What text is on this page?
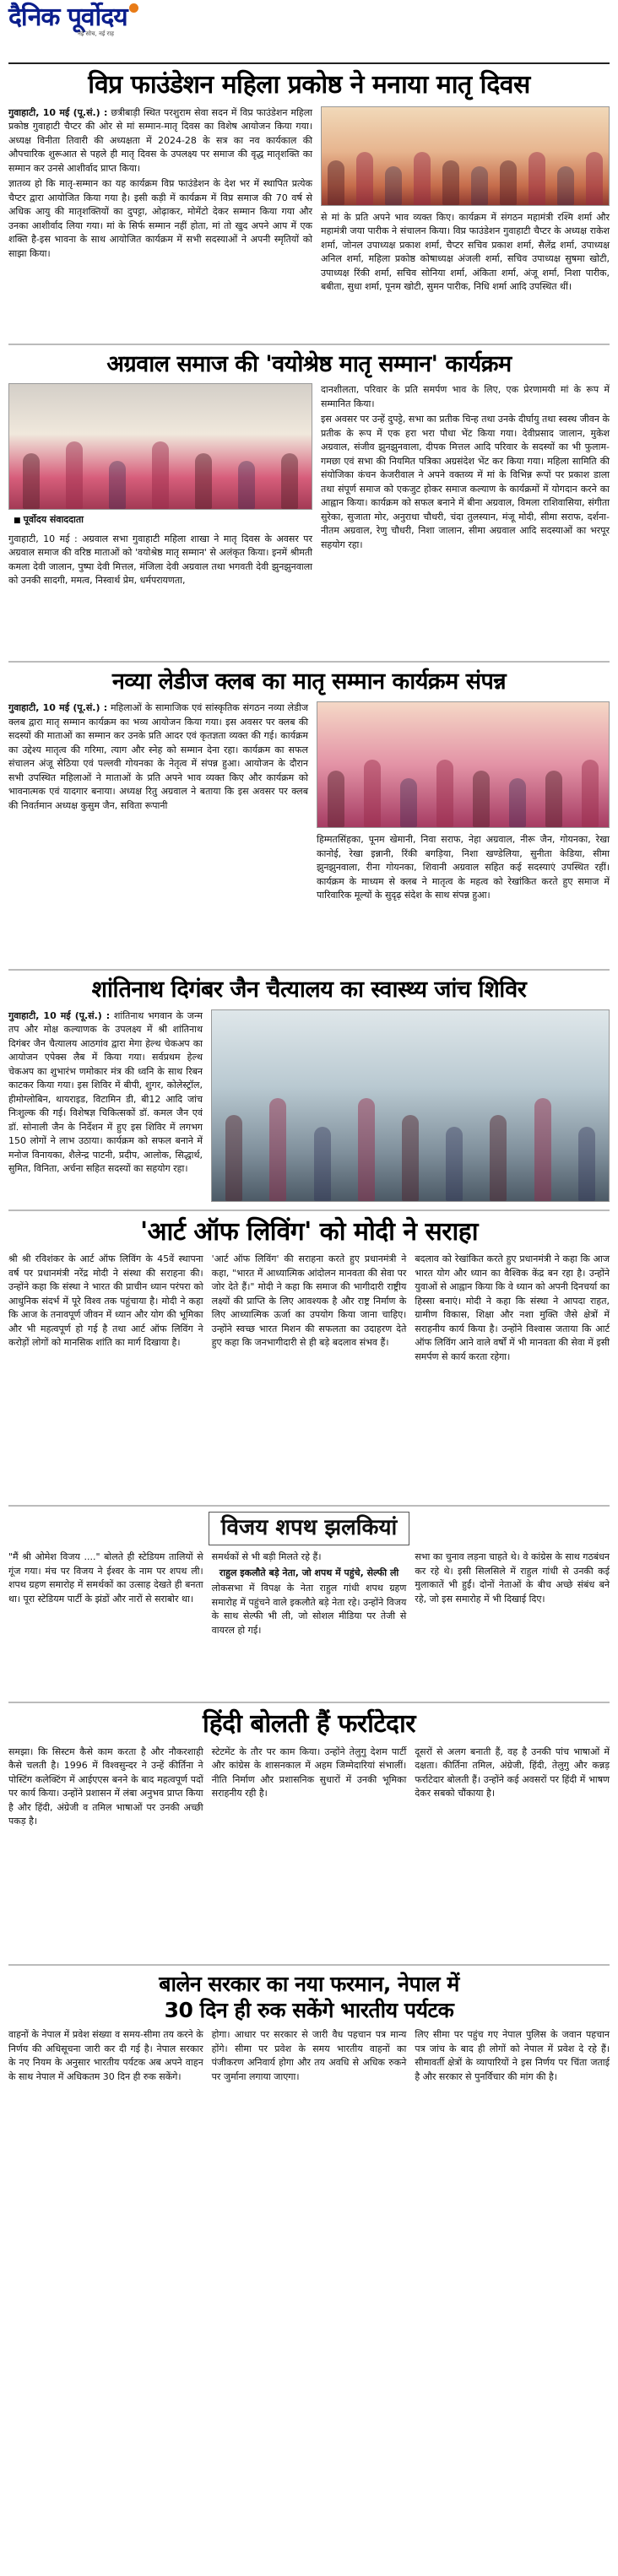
दैनिक पूर्वोदय
नई सोच, नई राह
विप्र फाउंडेशन महिला प्रकोष्ठ ने मनाया मातृ दिवस

गुवाहाटी, 10 मई (पू.सं.) : छत्रीबाड़ी स्थित परशुराम सेवा सदन में विप्र फाउंडेशन महिला प्रकोष्ठ गुवाहाटी चैप्टर की ओर से मां सम्मान-मातृ दिवस का विशेष आयोजन किया गया। अध्यक्ष विनीता तिवारी की अध्यक्षता में 2024-28 के सत्र का नव कार्यकाल की औपचारिक शुरूआत से पहले ही मातृ दिवस के उपलक्ष्य पर समाज की वृद्ध मातृशक्ति का सम्मान कर उनसे आशीर्वाद प्राप्त किया।

ज्ञातव्य हो कि मातृ-सम्मान का यह कार्यक्रम विप्र फाउंडेशन के देश भर में स्थापित प्रत्येक चैप्टर द्वारा आयोजित किया गया है। इसी कड़ी में कार्यक्रम में विप्र समाज की 70 वर्ष से अधिक आयु की मातृशक्तियों का दुपट्टा, ओढ़ाकर, मोमेंटो देकर सम्मान किया गया और उनका आशीर्वाद लिया गया। मां के सिर्फ सम्मान नहीं होता, मां तो खुद अपने आप में एक शक्ति है-इस भावना के साथ आयोजित कार्यक्रम में सभी सदस्याओं ने अपनी स्मृतियों को साझा किया।

से मां के प्रति अपने भाव व्यक्त किए। कार्यक्रम में संगठन महामंत्री रश्मि शर्मा और महामंत्री जया पारीक ने संचालन किया। विप्र फाउंडेशन गुवाहाटी चैप्टर के अध्यक्ष राकेश शर्मा, जोनल उपाध्यक्ष प्रकाश शर्मा, चैप्टर सचिव प्रकाश शर्मा, सैलेंद्र शर्मा, उपाध्यक्ष अनिल शर्मा, महिला प्रकोष्ठ कोषाध्यक्ष अंजली शर्मा, सचिव उपाध्यक्ष सुषमा खोटी, उपाध्यक्ष रिंकी शर्मा, सचिव सोनिया शर्मा, अंकिता शर्मा, अंजू शर्मा, निशा पारीक, बबीता, सुधा शर्मा, पूनम खोटी, सुमन पारीक, निधि शर्मा आदि उपस्थित थीं।
अग्रवाल समाज की 'वयोश्रेष्ठ मातृ सम्मान' कार्यक्रम
■ पूर्वोदय संवाददाता
गुवाहाटी, 10 मई : अग्रवाल सभा गुवाहाटी महिला शाखा ने मातृ दिवस के अवसर पर अग्रवाल समाज की वरिष्ठ माताओं को 'वयोश्रेष्ठ मातृ सम्मान' से अलंकृत किया। इनमें श्रीमती कमला देवी जालान, पुष्पा देवी मित्तल, मंजिला देवी अग्रवाल तथा भगवती देवी झुनझुनवाला को उनकी सादगी, ममत्व, निस्वार्थ प्रेम, धर्मपरायणता,

दानशीलता, परिवार के प्रति समर्पण भाव के लिए, एक प्रेरणामयी मां के रूप में सम्मानित किया।

इस अवसर पर उन्हें दुपट्टे, सभा का प्रतीक चिन्ह तथा उनके दीर्घायु तथा स्वस्थ जीवन के प्रतीक के रूप में एक हरा भरा पौधा भेंट किया गया। देवीप्रसाद जालान, मुकेश अग्रवाल, संजीव झुनझुनवाला, दीपक मित्तल आदि परिवार के सदस्यों का भी फुलाम-गमछा एवं सभा की नियमित पत्रिका अग्रसंदेश भेंट कर किया गया। महिला सामिति की संयोजिका कंचन केजरीवाल ने अपने वक्तव्य में मां के विभिन्न रूपों पर प्रकाश डाला तथा संपूर्ण समाज को एकजुट होकर समाज कल्याण के कार्यक्रमों में योगदान करने का आह्वान किया। कार्यक्रम को सफल बनाने में बीना अग्रवाल, विमला राशिवासिया, संगीता सुरेका, सुजाता मोर, अनुराधा चौधरी, चंदा तुलस्यान, मंजू मोदी, सीमा सराफ, दर्शना-नीतम अग्रवाल, रेणु चौधरी, निशा जालान, सीमा अग्रवाल आदि सदस्याओं का भरपूर सहयोग रहा।

नव्या लेडीज क्लब का मातृ सम्मान कार्यक्रम संपन्न

गुवाहाटी, 10 मई (पू.सं.) : महिलाओं के सामाजिक एवं सांस्कृतिक संगठन नव्या लेडीज क्लब द्वारा मातृ सम्मान कार्यक्रम का भव्य आयोजन किया गया। इस अवसर पर क्लब की सदस्यों की माताओं का सम्मान कर उनके प्रति आदर एवं कृतज्ञता व्यक्त की गई। कार्यक्रम का उद्देश्य मातृत्व की गरिमा, त्याग और स्नेह को सम्मान देना रहा। कार्यक्रम का सफल संचालन अंजू सेठिया एवं पल्लवी गोयनका के नेतृत्व में संपन्न हुआ। आयोजन के दौरान सभी उपस्थित महिलाओं ने माताओं के प्रति अपने भाव व्यक्त किए और कार्यक्रम को भावनात्मक एवं यादगार बनाया। अध्यक्ष रितु अग्रवाल ने बताया कि इस अवसर पर क्लब की निवर्तमान अध्यक्ष कुसुम जैन, सविता रूपानी

हिम्मतसिंहका, पूनम खेमानी, निवा सराफ, नेहा अग्रवाल, नीरू जैन, गोयनका, रेखा कानोई, रेखा इन्नानी, रिंकी बगड़िया, निशा खण्डेलिया, सुनीता केडिया, सीमा झुनझुनवाला, रीना गोयनका, शिवानी अग्रवाल सहित कई सदस्याएं उपस्थित रहीं। कार्यक्रम के माध्यम से क्लब ने मातृत्व के महत्व को रेखांकित करते हुए समाज में पारिवारिक मूल्यों के सुदृढ़ संदेश के साथ संपन्न हुआ।
शांतिनाथ दिगंबर जैन चैत्यालय का स्वास्थ्य जांच शिविर

गुवाहाटी, 10 मई (पू.सं.) : शांतिनाथ भगवान के जन्म तप और मोक्ष कल्याणक के उपलक्ष्य में श्री शांतिनाथ दिगंबर जैन चैत्यालय आठगांव द्वारा मेगा हेल्थ चेकअप का आयोजन एपेक्स लैब में किया गया। सर्वप्रथम हेल्थ चेकअप का शुभारंभ णमोकार मंत्र की ध्वनि के साथ रिबन काटकर किया गया। इस शिविर में बीपी, शुगर, कोलेस्ट्रॉल, हीमोग्लोबिन, थायराइड, विटामिन डी, बी12 आदि जांच निःशुल्क की गई। विशेषज्ञ चिकित्सकों डॉ. कमल जैन एवं डॉ. सोनाली जैन के निर्देशन में हुए इस शिविर में लगभग 150 लोगों ने लाभ उठाया। कार्यक्रम को सफल बनाने में मनोज विनायका, शैलेन्द्र पाटनी, प्रदीप, आलोक, सिद्धार्थ, सुमित, विनिता, अर्चना सहित सदस्यों का सहयोग रहा।

'आर्ट ऑफ लिविंग' को मोदी ने सराहा
श्री श्री रविशंकर के आर्ट ऑफ लिविंग के 45वें स्थापना वर्ष पर प्रधानमंत्री नरेंद्र मोदी ने संस्था की सराहना की। उन्होंने कहा कि संस्था ने भारत की प्राचीन ध्यान परंपरा को आधुनिक संदर्भ में पूरे विश्व तक पहुंचाया है। मोदी ने कहा कि आज के तनावपूर्ण जीवन में ध्यान और योग की भूमिका और भी महत्वपूर्ण हो गई है तथा आर्ट ऑफ लिविंग ने करोड़ों लोगों को मानसिक शांति का मार्ग दिखाया है।
'आर्ट ऑफ लिविंग' की सराहना करते हुए प्रधानमंत्री ने कहा, "भारत में आध्यात्मिक आंदोलन मानवता की सेवा पर जोर देते हैं।" मोदी ने कहा कि समाज की भागीदारी राष्ट्रीय लक्ष्यों की प्राप्ति के लिए आवश्यक है और राष्ट्र निर्माण के लिए आध्यात्मिक ऊर्जा का उपयोग किया जाना चाहिए। उन्होंने स्वच्छ भारत मिशन की सफलता का उदाहरण देते हुए कहा कि जनभागीदारी से ही बड़े बदलाव संभव हैं।
बदलाव को रेखांकित करते हुए प्रधानमंत्री ने कहा कि आज भारत योग और ध्यान का वैश्विक केंद्र बन रहा है। उन्होंने युवाओं से आह्वान किया कि वे ध्यान को अपनी दिनचर्या का हिस्सा बनाएं। मोदी ने कहा कि संस्था ने आपदा राहत, ग्रामीण विकास, शिक्षा और नशा मुक्ति जैसे क्षेत्रों में सराहनीय कार्य किया है। उन्होंने विश्वास जताया कि आर्ट ऑफ लिविंग आने वाले वर्षों में भी मानवता की सेवा में इसी समर्पण से कार्य करता रहेगा।
विजय शपथ झलकियां
"मैं श्री ओमेश विजय ...." बोलते ही स्टेडियम तालियों से गूंज गया। मंच पर विजय ने ईश्वर के नाम पर शपथ ली। शपथ ग्रहण समारोह में समर्थकों का उत्साह देखते ही बनता था। पूरा स्टेडियम पार्टी के झंडों और नारों से सराबोर था।

समर्थकों से भी बड़ी मिलते रहे हैं।

राहुल इकलौते बड़े नेता, जो शपथ में पहुंचे, सेल्फी ली

लोकसभा में विपक्ष के नेता राहुल गांधी शपथ ग्रहण समारोह में पहुंचने वाले इकलौते बड़े नेता रहे। उन्होंने विजय के साथ सेल्फी भी ली, जो सोशल मीडिया पर तेजी से वायरल हो गई।

सभा का चुनाव लड़ना चाहते थे। वे कांग्रेस के साथ गठबंधन कर रहे थे। इसी सिलसिले में राहुल गांधी से उनकी कई मुलाकातें भी हुईं। दोनों नेताओं के बीच अच्छे संबंध बने रहे, जो इस समारोह में भी दिखाई दिए।
हिंदी बोलती हैं फर्राटेदार
समझा। कि सिस्टम कैसे काम करता है और नौकरशाही कैसे चलती है। 1996 में विश्वसुन्दर ने उन्हें कीर्तिना ने पोस्टिंग कलेक्टिंग में आईएएस बनने के बाद महत्वपूर्ण पदों पर कार्य किया। उन्होंने प्रशासन में लंबा अनुभव प्राप्त किया है और हिंदी, अंग्रेजी व तमिल भाषाओं पर उनकी अच्छी पकड़ है।
स्टेटमेंट के तौर पर काम किया। उन्होंने तेलुगु देशम पार्टी और कांग्रेस के शासनकाल में अहम जिम्मेदारियां संभालीं। नीति निर्माण और प्रशासनिक सुधारों में उनकी भूमिका सराहनीय रही है।
दूसरों से अलग बनाती हैं, वह है उनकी पांच भाषाओं में दक्षता। कीर्तिना तमिल, अंग्रेजी, हिंदी, तेलुगु और कन्नड़ फर्राटेदार बोलती हैं। उन्होंने कई अवसरों पर हिंदी में भाषण देकर सबको चौंकाया है।
बालेन सरकार का नया फरमान, नेपाल में
30 दिन ही रुक सकेंगे भारतीय पर्यटक
वाहनों के नेपाल में प्रवेश संख्या व समय-सीमा तय करने के निर्णय की अधिसूचना जारी कर दी गई है। नेपाल सरकार के नए नियम के अनुसार भारतीय पर्यटक अब अपने वाहन के साथ नेपाल में अधिकतम 30 दिन ही रुक सकेंगे।
होगा। आधार पर सरकार से जारी वैध पहचान पत्र मान्य होंगे। सीमा पर प्रवेश के समय भारतीय वाहनों का पंजीकरण अनिवार्य होगा और तय अवधि से अधिक रुकने पर जुर्माना लगाया जाएगा।
लिए सीमा पर पहुंच गए नेपाल पुलिस के जवान पहचान पत्र जांच के बाद ही लोगों को नेपाल में प्रवेश दे रहे हैं। सीमावर्ती क्षेत्रों के व्यापारियों ने इस निर्णय पर चिंता जताई है और सरकार से पुनर्विचार की मांग की है।
